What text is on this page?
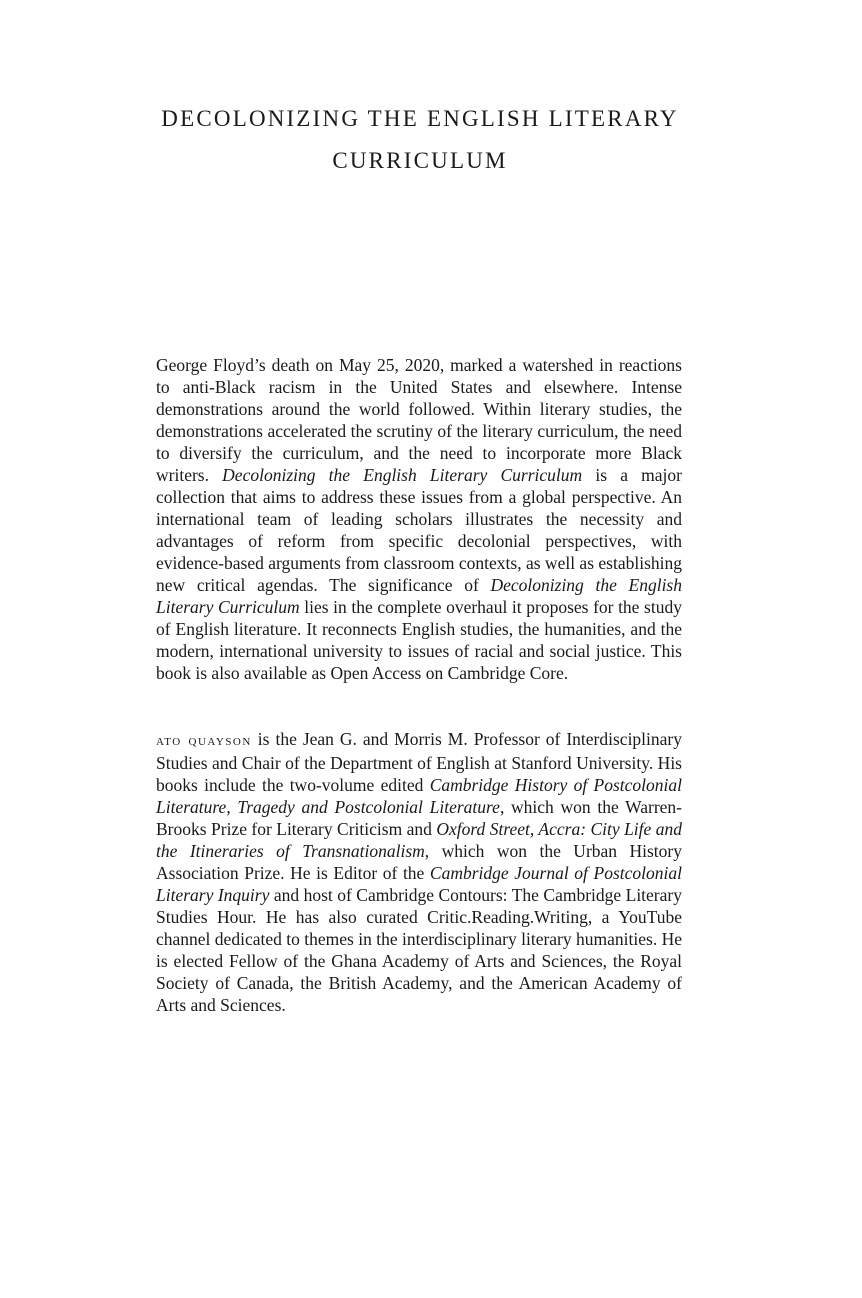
DECOLONIZING THE ENGLISH LITERARY
CURRICULUM

George Floyd’s death on May 25, 2020, marked a watershed in reactions to anti-Black racism in the United States and elsewhere. Intense demonstrations around the world followed. Within literary studies, the demonstrations accelerated the scrutiny of the literary curriculum, the need to diversify the curriculum, and the need to incorporate more Black writers. Decolonizing the English Literary Curriculum is a major collection that aims to address these issues from a global perspective. An international team of leading scholars illustrates the necessity and advantages of reform from specific decolonial perspectives, with evidence-based arguments from classroom contexts, as well as establishing new critical agendas. The significance of Decolonizing the English Literary Curriculum lies in the complete overhaul it proposes for the study of English literature. It reconnects English studies, the humanities, and the modern, international university to issues of racial and social justice. This book is also available as Open Access on Cambridge Core.

ato quayson is the Jean G. and Morris M. Professor of Interdisciplinary Studies and Chair of the Department of English at Stanford University. His books include the two-volume edited Cambridge History of Postcolonial Literature, Tragedy and Postcolonial Literature, which won the Warren-Brooks Prize for Literary Criticism and Oxford Street, Accra: City Life and the Itineraries of Transnationalism, which won the Urban History Association Prize. He is Editor of the Cambridge Journal of Postcolonial Literary Inquiry and host of Cambridge Contours: The Cambridge Literary Studies Hour. He has also curated Critic.Reading.Writing, a YouTube channel dedicated to themes in the interdisciplinary literary humanities. He is elected Fellow of the Ghana Academy of Arts and Sciences, the Royal Society of Canada, the British Academy, and the American Academy of Arts and Sciences.
